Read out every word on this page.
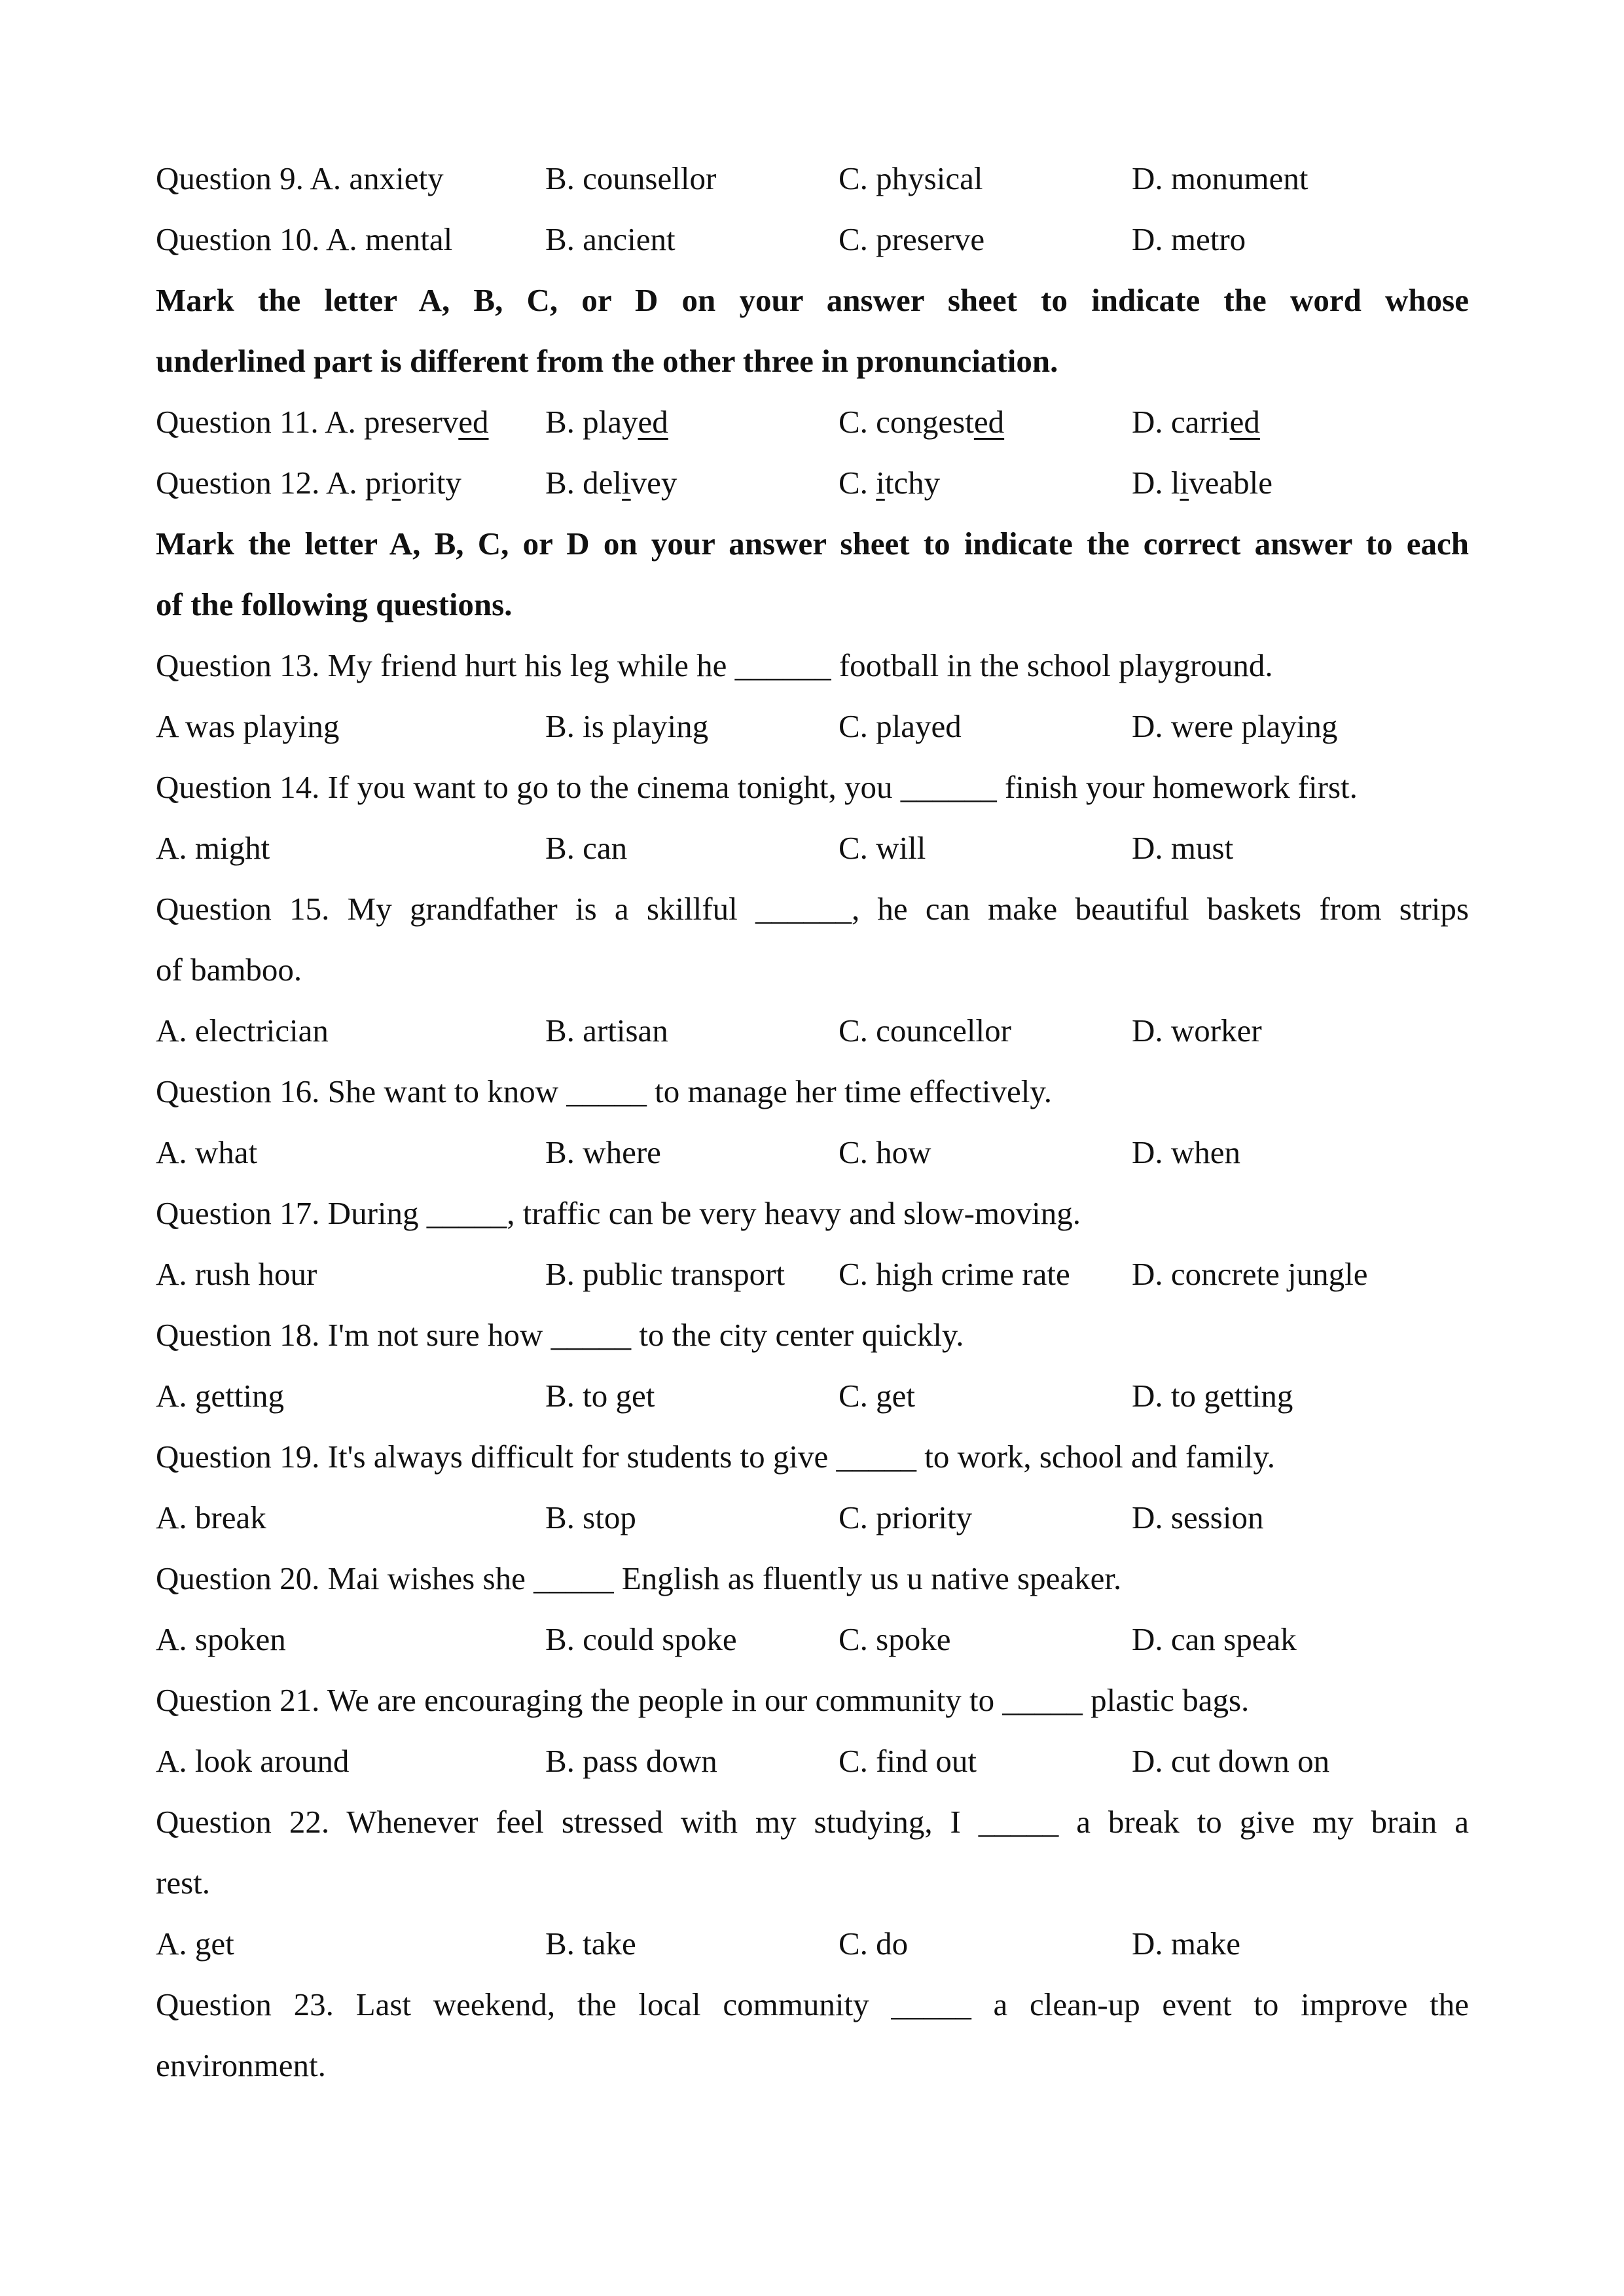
Question 9. A. anxiety	B. counsellor	C. physical	D. monument
Question 10. A. mental	B. ancient	C. preserve	D. metro
Mark the letter A, B, C, or D on your answer sheet to indicate the word whose
underlined part is different from the other three in pronunciation.
Question 11. A. preserved	B. played	C. congested	D. carried
Question 12. A. priority	B. delivey	C. itchy	D. liveable
Mark the letter A, B, C, or D on your answer sheet to indicate the correct answer to each
of the following questions.
Question 13. My friend hurt his leg while he ______ football in the school playground.
A was playing	B. is playing	C. played	D. were playing
Question 14. If you want to go to the cinema tonight, you ______ finish your homework first.
A. might	B. can	C. will	D. must
Question 15. My grandfather is a skillful ______, he can make beautiful baskets from strips
of bamboo.
A. electrician	B. artisan	C. councellor	D. worker
Question 16. She want to know _____ to manage her time effectively.
A. what	B. where	C. how	D. when
Question 17. During _____, traffic can be very heavy and slow-moving.
A. rush hour	B. public transport	C. high crime rate	D. concrete jungle
Question 18. I'm not sure how _____ to the city center quickly.
A. getting	B. to get	C. get	D. to getting
Question 19. It's always difficult for students to give _____ to work, school and family.
A. break	B. stop	C. priority	D. session
Question 20. Mai wishes she _____ English as fluently us u native speaker.
A. spoken	B. could spoke	C. spoke	D. can speak
Question 21. We are encouraging the people in our community to _____ plastic bags.
A. look around	B. pass down	C. find out	D. cut down on
Question 22. Whenever feel stressed with my studying, I _____ a break to give my brain a
rest.
A. get	B. take	C. do	D. make
Question 23. Last weekend, the local community _____ a clean-up event to improve the
environment.
